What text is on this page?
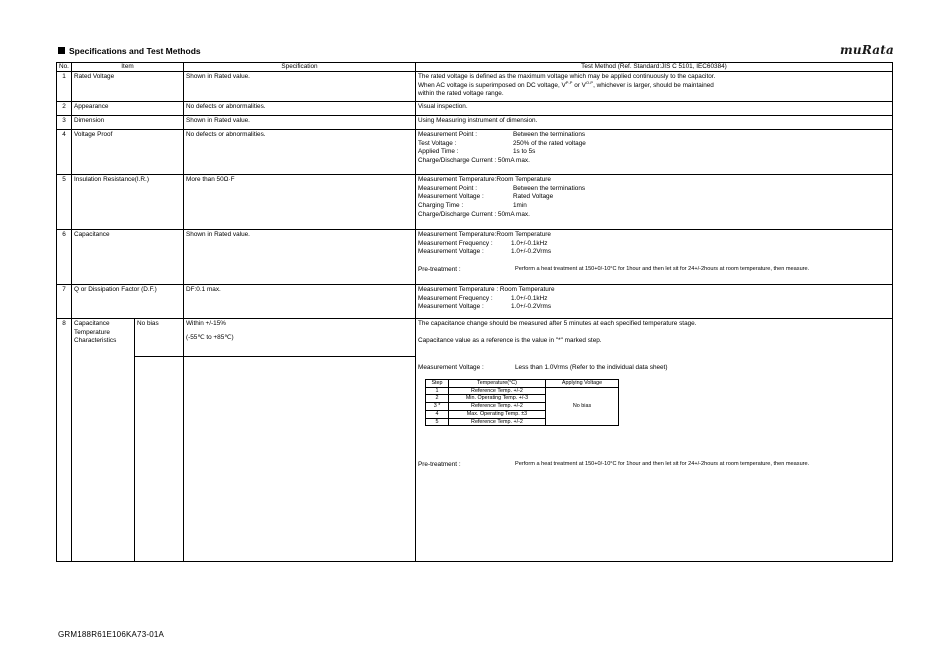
Specifications and Test Methods	muRata
No.	Item	Specification	Test Method (Ref. Standard:JIS C 5101, IEC60384)
1	Rated Voltage	Shown in Rated value.	The rated voltage is defined as the maximum voltage which may be applied continuously to the capacitor.
When AC voltage is superimposed on DC voltage, $V^{P-P}$ or $V^{O-P}$, whichever is larger, should be maintained
within the rated voltage range.

2	Appearance	No defects or abnormalities.	Visual inspection.
3	Dimension	Shown in Rated value.	Using Measuring instrument of dimension.
4	Voltage Proof	No defects or abnormalities.	Measurement Point :	Between the terminations
Test Voltage :	250% of the rated voltage
Applied Time :	1s to 5s
Charge/Discharge Current : 50mA max.

5	Insulation Resistance(I.R.)	More than 50Ω·F	Measurement Temperature:Room Temperature
Measurement Point :	Between the terminations
Measurement Voltage :	Rated Voltage
Charging Time :	1min
Charge/Discharge Current : 50mA max.

6	Capacitance	Shown in Rated value.	Measurement Temperature:Room Temperature
Measurement Frequency :	1.0+/-0.1kHz
Measurement Voltage :	1.0+/-0.2Vrms
Pre-treatment :	Perform a heat treatment at 150+0/-10°C for 1hour and then let sit for 24+/-2hours at room temperature, then measure.

7	Q or Dissipation Factor (D.F.)	DF:0.1 max.	Measurement Temperature : Room Temperature
Measurement Frequency :	1.0+/-0.1kHz
Measurement Voltage :	1.0+/-0.2Vrms

8	Capacitance Temperature Characteristics	No bias	Within +/-15%
(-55℃ to +85℃)

The capacitance change should be measured after 5 minutes at each specified temperature stage.
Capacitance value as a reference is the value in "*" marked step.
Measurement Voltage :	Less than 1.0Vrms (Refer to the individual data sheet)
Step	Temperature(°C)	Applying Voltage
1	Reference Temp. +/-2	No bias
2	Min. Operating Temp. +/-3
3 *	Reference Temp. +/-2
4	Max. Operating Temp. ±3
5	Reference Temp. +/-2
Pre-treatment :	Perform a heat treatment at 150+0/-10°C for 1hour and then let sit for 24+/-2hours at room temperature, then measure.

GRM188R61E106KA73-01A
